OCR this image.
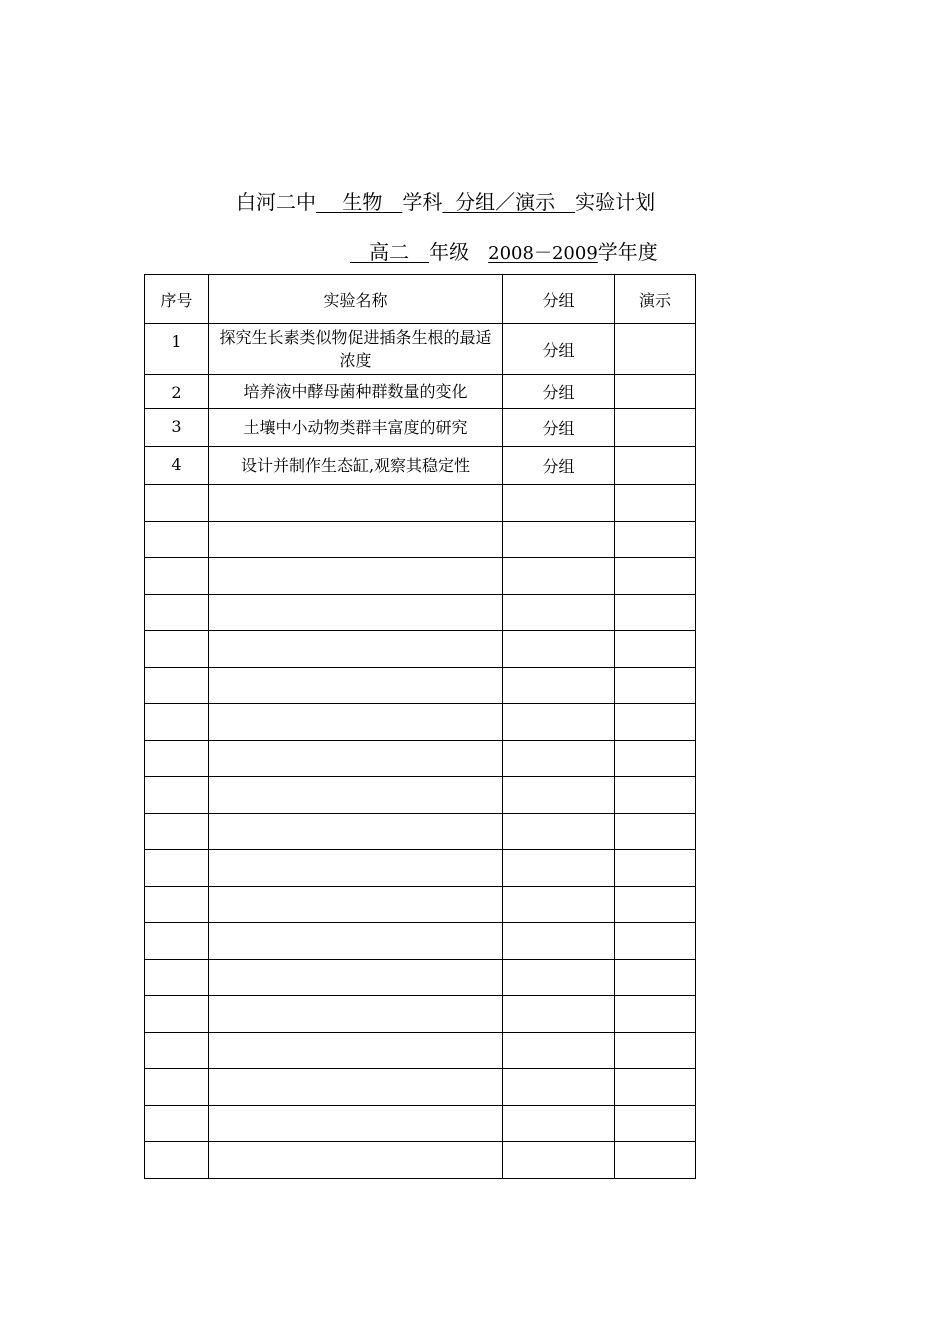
白河二中　 生物　 学科 分组／演示　 实验计划
高二　 年级 2008－2009学年度
序号	实验名称	分组	演示
1	探究生长素类似物促进插条生根的最适浓度	分组	
2	培养液中酵母菌种群数量的变化	分组	
3	土壤中小动物类群丰富度的研究	分组	
4	设计并制作生态缸,观察其稳定性	分组	
